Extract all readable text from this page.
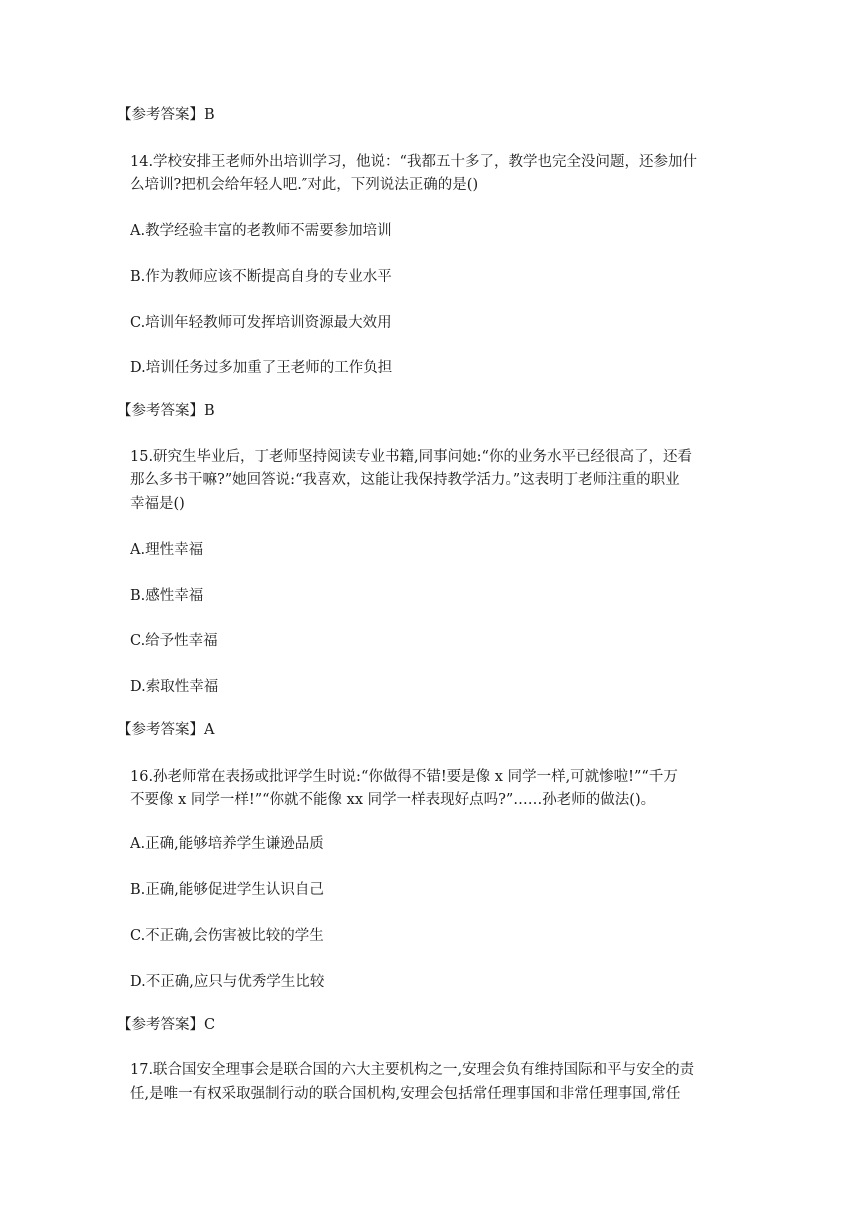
【参考答案】B
14.学校安排王老师外出培训学习，他说：“我都五十多了，教学也完全没问题，还参加什
么培训?把机会给年轻人吧.″对此，下列说法正确的是()
A.教学经验丰富的老教师不需要参加培训
B.作为教师应该不断提高自身的专业水平
C.培训年轻教师可发挥培训资源最大效用
D.培训任务过多加重了王老师的工作负担
【参考答案】B
15.研究生毕业后，丁老师坚持阅读专业书籍,同事问她:“你的业务水平已经很高了，还看
那么多书干嘛?”她回答说:“我喜欢，这能让我保持教学活力。”这表明丁老师注重的职业
幸福是()
A.理性幸福
B.感性幸福
C.给予性幸福
D.索取性幸福
【参考答案】A
16.孙老师常在表扬或批评学生时说:“你做得不错!要是像 x 同学一样,可就惨啦!”“千万
不要像 x 同学一样!”“你就不能像 xx 同学一样表现好点吗?”……孙老师的做法()。
A.正确,能够培养学生谦逊品质
B.正确,能够促进学生认识自己
C.不正确,会伤害被比较的学生
D.不正确,应只与优秀学生比较
【参考答案】C
17.联合国安全理事会是联合国的六大主要机构之一,安理会负有维持国际和平与安全的责
任,是唯一有权采取强制行动的联合国机构,安理会包括常任理事国和非常任理事国,常任
